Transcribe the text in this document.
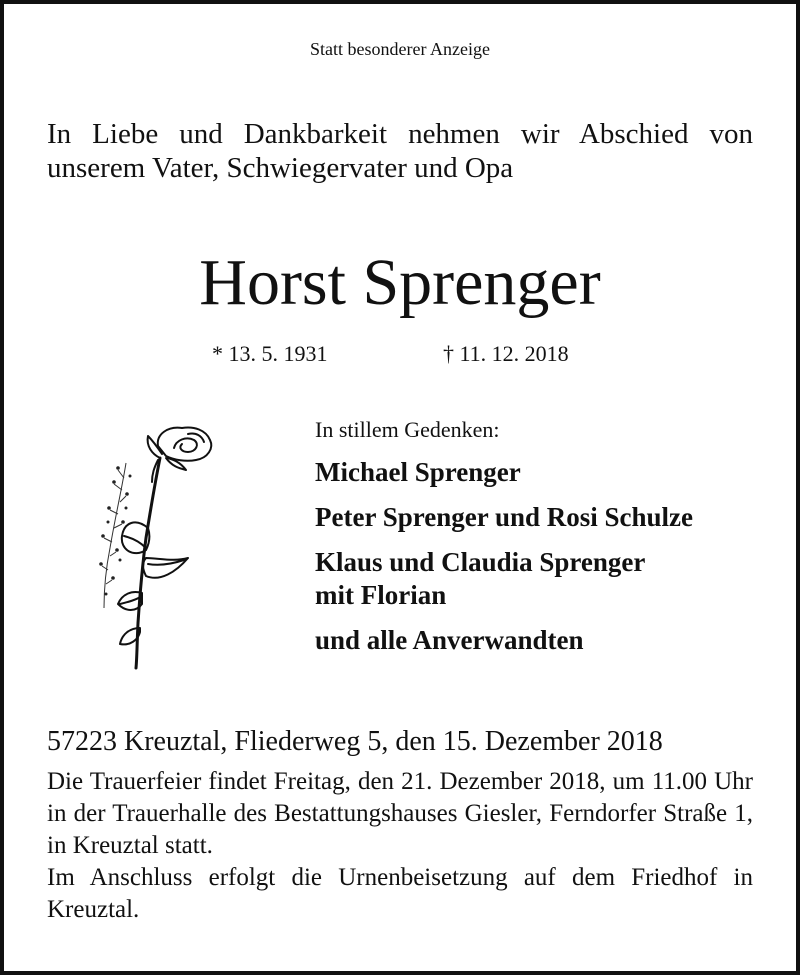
Statt besonderer Anzeige
In Liebe und Dankbarkeit nehmen wir Abschied von
unserem Vater, Schwiegervater und Opa
Horst Sprenger
* 13. 5. 1931	† 11. 12. 2018
In stillem Gedenken:
Michael Sprenger
Peter Sprenger und Rosi Schulze
Klaus und Claudia Sprenger
mit Florian
und alle Anverwandten
57223 Kreuztal, Fliederweg 5, den 15. Dezember 2018
Die Trauerfeier findet Freitag, den 21. Dezember 2018, um 11.00 Uhr in der Trauerhalle des Bestattungshauses Giesler, Ferndorfer Straße 1, in Kreuztal statt.
Im Anschluss erfolgt die Urnenbeisetzung auf dem Friedhof in Kreuztal.
